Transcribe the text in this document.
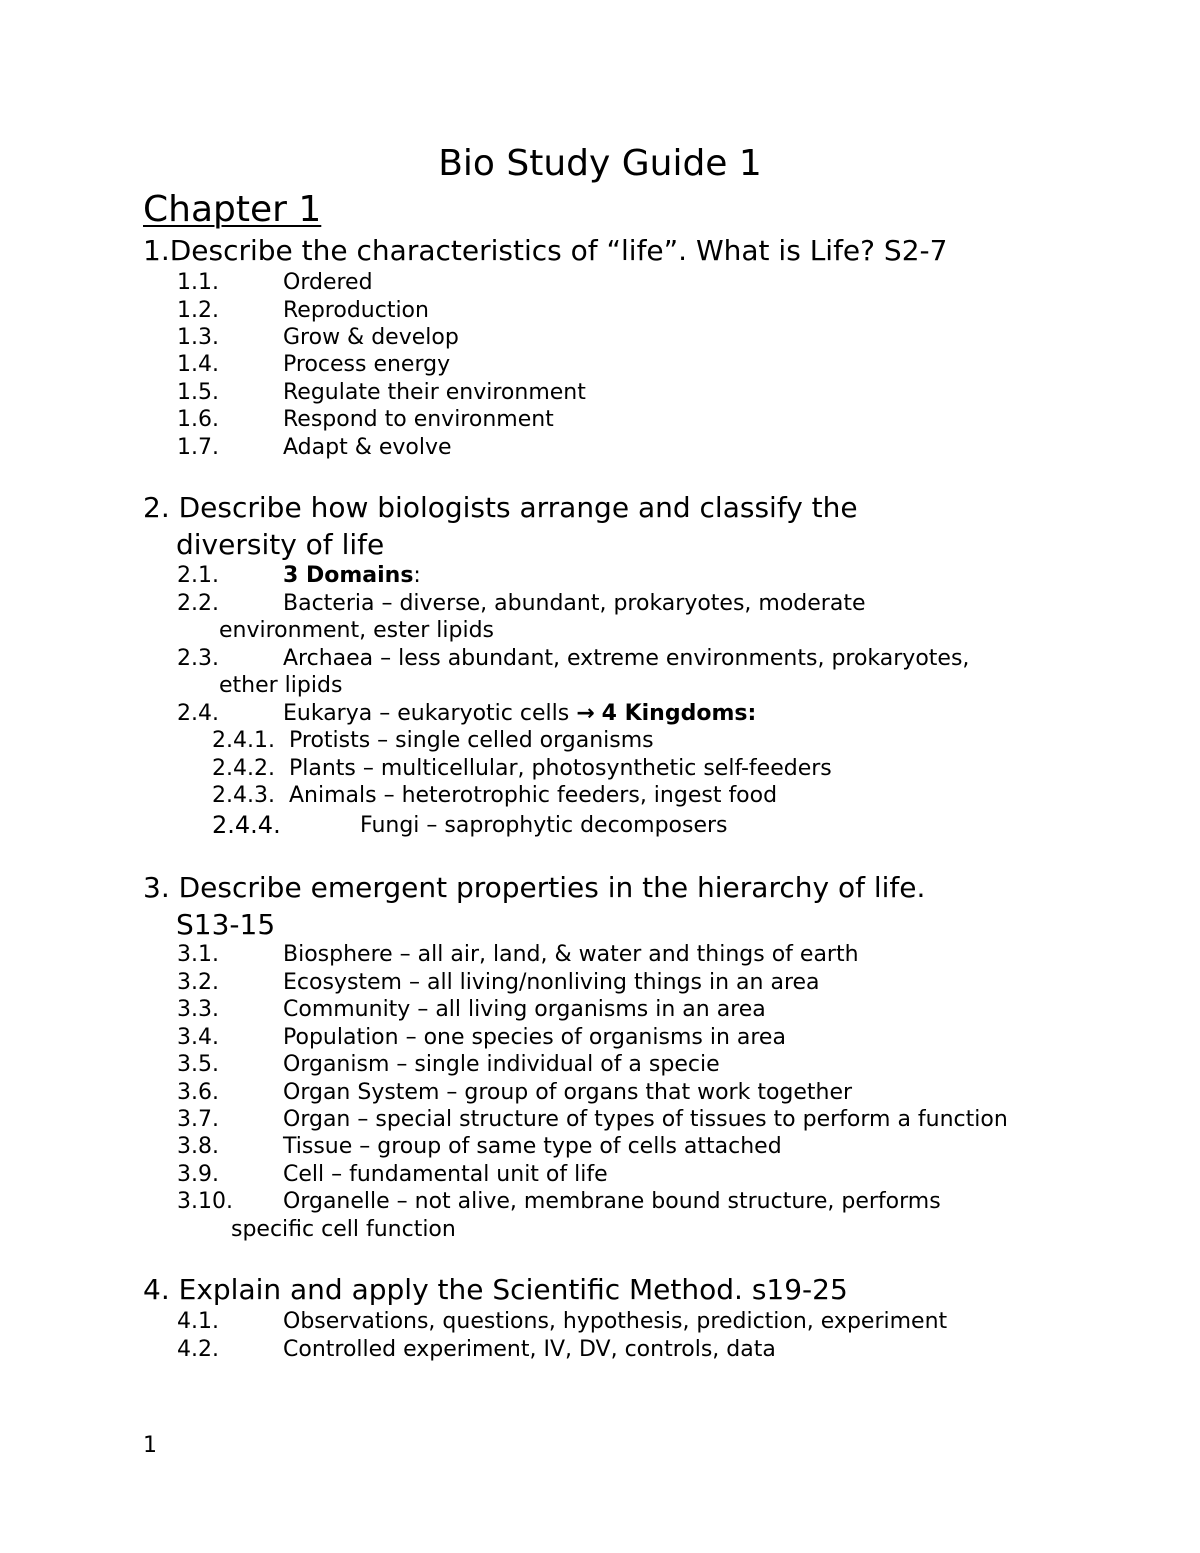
Bio Study Guide 1
Chapter 1
1.Describe the characteristics of “life”. What is Life? S2-7
1.1.	Ordered
1.2.	Reproduction
1.3.	Grow & develop
1.4.	Process energy
1.5.	Regulate their environment
1.6.	Respond to environment
1.7.	Adapt & evolve
2. Describe how biologists arrange and classify the
diversity of life
2.1.	3 Domains:
2.2.	Bacteria – diverse, abundant, prokaryotes, moderate
environment, ester lipids
2.3.	Archaea – less abundant, extreme environments, prokaryotes,
ether lipids
2.4.	Eukarya – eukaryotic cells → 4 Kingdoms:
2.4.1. Protists – single celled organisms
2.4.2. Plants – multicellular, photosynthetic self-feeders
2.4.3. Animals – heterotrophic feeders, ingest food
2.4.4.	Fungi – saprophytic decomposers
3. Describe emergent properties in the hierarchy of life.
S13-15
3.1.	Biosphere – all air, land, & water and things of earth
3.2.	Ecosystem – all living/nonliving things in an area
3.3.	Community – all living organisms in an area
3.4.	Population – one species of organisms in area
3.5.	Organism – single individual of a specie
3.6.	Organ System – group of organs that work together
3.7.	Organ – special structure of types of tissues to perform a function
3.8.	Tissue – group of same type of cells attached
3.9.	Cell – fundamental unit of life
3.10. Organelle – not alive, membrane bound structure, performs
specific cell function
4. Explain and apply the Scientific Method. s19-25
4.1.	Observations, questions, hypothesis, prediction, experiment
4.2.	Controlled experiment, IV, DV, controls, data
1
